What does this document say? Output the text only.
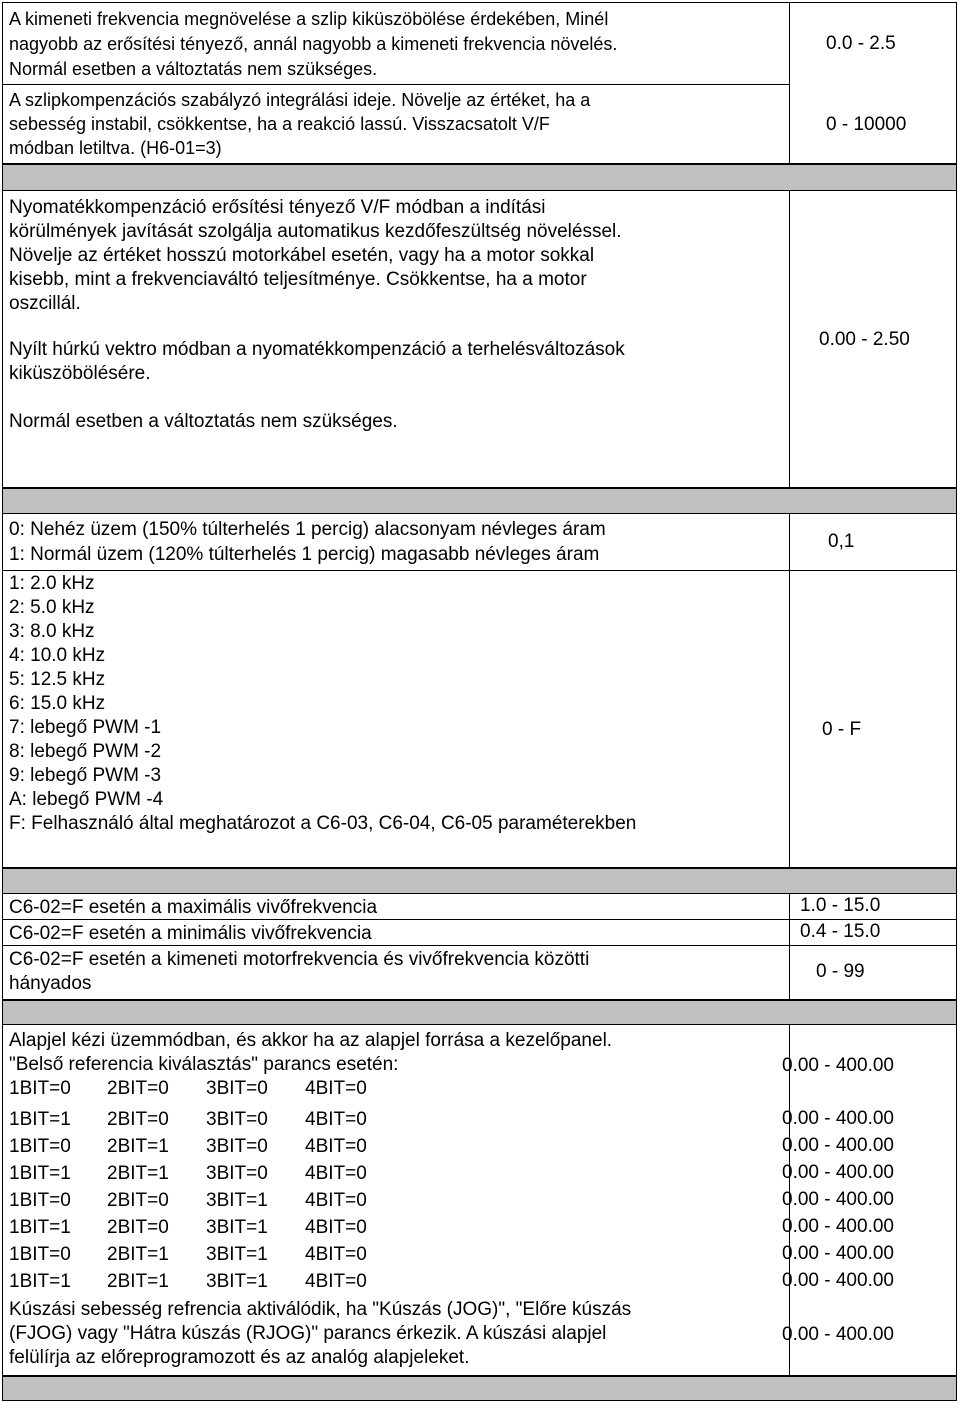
A kimeneti frekvencia megnövelése a szlip kiküszöbölése érdekében, Minél
nagyobb az erősítési tényező, annál nagyobb a kimeneti frekvencia növelés.
Normál esetben a változtatás nem szükséges.
0.0 - 2.5
A szlipkompenzációs szabályzó integrálási ideje. Növelje az értéket, ha a
sebesség instabil, csökkentse, ha a reakció lassú. Visszacsatolt V/F
módban letiltva. (H6-01=3)
0 - 10000
Nyomatékkompenzáció erősítési tényező V/F módban a indítási
körülmények javítását szolgálja automatikus kezdőfeszültség növeléssel.
Növelje az értéket hosszú motorkábel esetén, vagy ha a motor sokkal
kisebb, mint a frekvenciaváltó teljesítménye. Csökkentse, ha a motor
oszcillál.
Nyílt húrkú vektro módban a nyomatékkompenzáció a terhelésváltozások
kiküszöbölésére.
Normál esetben a változtatás nem szükséges.
0.00 - 2.50
0: Nehéz üzem (150% túlterhelés 1 percig) alacsonyam névleges áram
1: Normál üzem (120% túlterhelés 1 percig) magasabb névleges áram
0,1
1: 2.0 kHz
2: 5.0 kHz
3: 8.0 kHz
4: 10.0 kHz
5: 12.5 kHz
6: 15.0 kHz
7: lebegő PWM -1
8: lebegő PWM -2
9: lebegő PWM -3
A: lebegő PWM -4
F: Felhasználó által meghatározot a C6-03, C6-04, C6-05 paraméterekben
0 - F
C6-02=F esetén a maximális vivőfrekvencia	1.0 - 15.0
C6-02=F esetén a minimális vivőfrekvencia	0.4 - 15.0
C6-02=F esetén a kimeneti motorfrekvencia és vivőfrekvencia közötti
hányados
0 - 99
Alapjel kézi üzemmódban, és akkor ha az alapjel forrása a kezelőpanel.
"Belső referencia kiválasztás" parancs esetén:
1BIT=0 2BIT=0 3BIT=0 4BIT=0
0.00 - 400.00
1BIT=1 2BIT=0 3BIT=0 4BIT=0	0.00 - 400.00
1BIT=0 2BIT=1 3BIT=0 4BIT=0	0.00 - 400.00
1BIT=1 2BIT=1 3BIT=0 4BIT=0	0.00 - 400.00
1BIT=0 2BIT=0 3BIT=1 4BIT=0	0.00 - 400.00
1BIT=1 2BIT=0 3BIT=1 4BIT=0	0.00 - 400.00
1BIT=0 2BIT=1 3BIT=1 4BIT=0	0.00 - 400.00
1BIT=1 2BIT=1 3BIT=1 4BIT=0	0.00 - 400.00
Kúszási sebesség refrencia aktiválódik, ha "Kúszás (JOG)", "Előre kúszás
(FJOG) vagy "Hátra kúszás (RJOG)" parancs érkezik. A kúszási alapjel
felülírja az előreprogramozott és az analóg alapjeleket.
0.00 - 400.00
